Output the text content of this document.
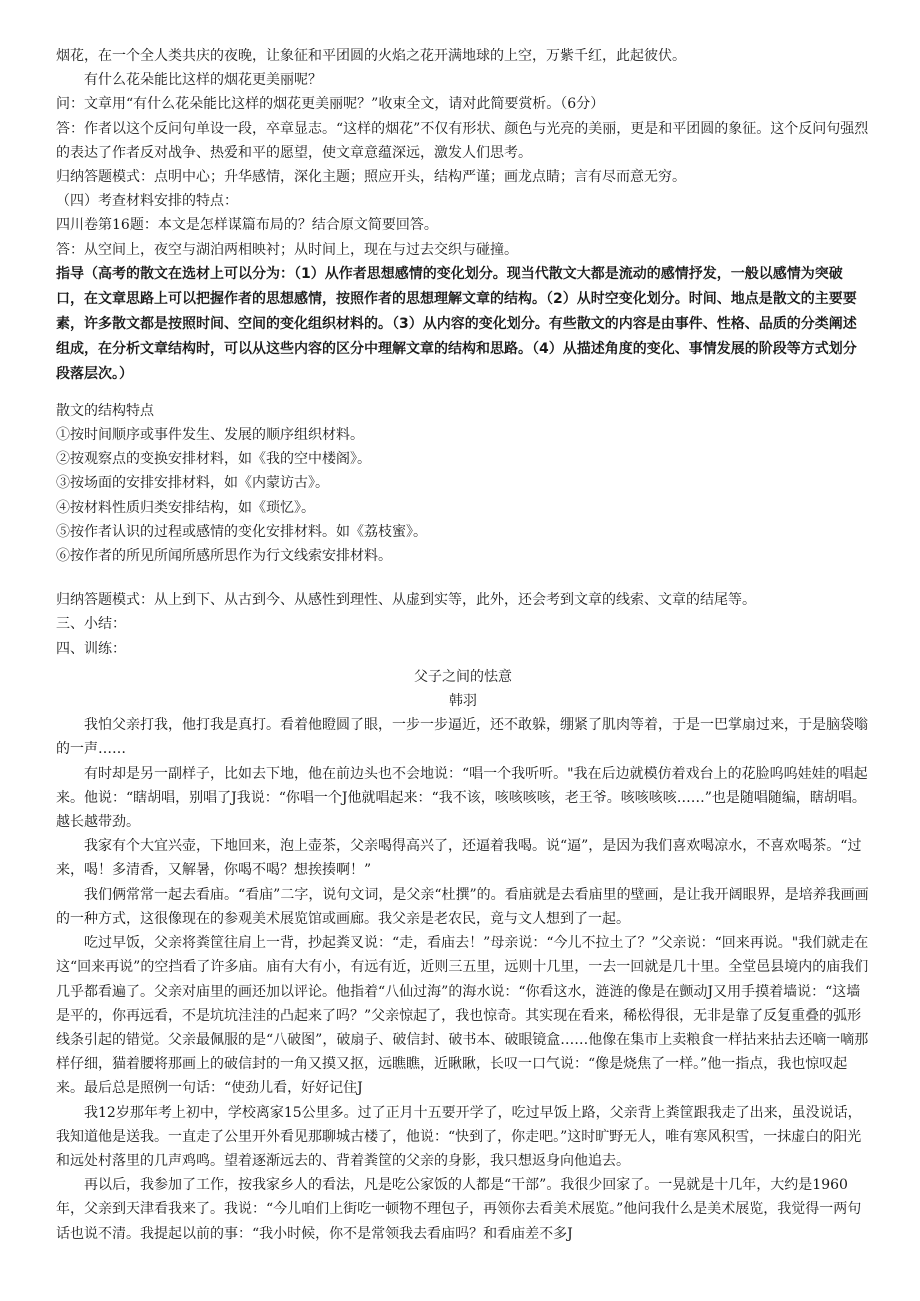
烟花，在一个全人类共庆的夜晚，让象征和平团圆的火焰之花开满地球的上空，万紫千红，此起彼伏。

有什么花朵能比这样的烟花更美丽呢？

问：文章用“有什么花朵能比这样的烟花更美丽呢？”收束全文，请对此简要赏析。（6分）

答：作者以这个反问句单设一段，卒章显志。“这样的烟花”不仅有形状、颜色与光亮的美丽，更是和平团圆的象征。这个反问句强烈的表达了作者反对战争、热爱和平的愿望，使文章意蕴深远，激发人们思考。

归纳答题模式：点明中心；升华感情，深化主题；照应开头，结构严谨；画龙点睛；言有尽而意无穷。

（四）考查材料安排的特点：

四川卷第16题：本文是怎样谋篇布局的？结合原文简要回答。

答：从空间上，夜空与湖泊两相映衬；从时间上，现在与过去交织与碰撞。

指导（高考的散文在选材上可以分为：（1）从作者思想感情的变化划分。现当代散文大都是流动的感情抒发，一般以感情为突破口，在文章思路上可以把握作者的思想感情，按照作者的思想理解文章的结构。（2）从时空变化划分。时间、地点是散文的主要要素，许多散文都是按照时间、空间的变化组织材料的。（3）从内容的变化划分。有些散文的内容是由事件、性格、品质的分类阐述组成，在分析文章结构时，可以从这些内容的区分中理解文章的结构和思路。（4）从描述角度的变化、事情发展的阶段等方式划分段落层次。）

散文的结构特点

①按时间顺序或事件发生、发展的顺序组织材料。

②按观察点的变换安排材料，如《我的空中楼阁》。

③按场面的安排安排材料，如《内蒙访古》。

④按材料性质归类安排结构，如《琐忆》。

⑤按作者认识的过程或感情的变化安排材料。如《荔枝蜜》。

⑥按作者的所见所闻所感所思作为行文线索安排材料。

归纳答题模式：从上到下、从古到今、从感性到理性、从虚到实等，此外，还会考到文章的线索、文章的结尾等。

三、小结：

四、训练：

父子之间的怯意

韩羽

我怕父亲打我，他打我是真打。看着他瞪圆了眼，一步一步逼近，还不敢躲，绷紧了肌肉等着，于是一巴掌扇过来，于是脑袋嗡的一声……

有时却是另一副样子，比如去下地，他在前边头也不会地说：“唱一个我听听。"我在后边就模仿着戏台上的花脸呜呜娃娃的唱起来。他说：“瞎胡唱，别唱了J我说：“你唱一个J他就唱起来：“我不该，咳咳咳咳，老王爷。咳咳咳咳……”也是随唱随编，瞎胡唱。越长越带劲。

我家有个大宜兴壶，下地回来，泡上壶茶，父亲喝得高兴了，还逼着我喝。说“逼”，是因为我们喜欢喝凉水，不喜欢喝茶。“过来，喝！多清香，又解暑，你喝不喝？想挨揍啊！”

我们俩常常一起去看庙。“看庙”二字，说句文词，是父亲“杜撰”的。看庙就是去看庙里的壁画，是让我开阔眼界，是培养我画画的一种方式，这很像现在的参观美术展览馆或画廊。我父亲是老农民，竟与文人想到了一起。

吃过早饭，父亲将粪筐往肩上一背，抄起粪叉说：“走，看庙去！”母亲说：“今儿不拉土了？”父亲说：“回来再说。"我们就走在这“回来再说”的空挡看了许多庙。庙有大有小，有远有近，近则三五里，远则十几里，一去一回就是几十里。全堂邑县境内的庙我们几乎都看遍了。父亲对庙里的画还加以评论。他指着“八仙过海”的海水说：“你看这水，涟涟的像是在颤动J又用手摸着墙说：“这墙是平的，你再远看，不是坑坑洼洼的凸起来了吗？”父亲惊起了，我也惊奇。其实现在看来，稀松得很，无非是靠了反复重叠的弧形线条引起的错觉。父亲最佩服的是“八破图”，破扇子、破信封、破书本、破眼镜盒……他像在集市上卖粮食一样拈来拈去还嘀一嘀那样仔细，猫着腰将那画上的破信封的一角又摸又抠，远瞧瞧，近瞅瞅，长叹一口气说：“像是烧焦了一样。”他一指点，我也惊叹起来。最后总是照例一句话：“使劲儿看，好好记住J

我12岁那年考上初中，学校离家15公里多。过了正月十五要开学了，吃过早饭上路，父亲背上粪筐跟我走了出来，虽没说话，我知道他是送我。一直走了公里开外看见那聊城古楼了，他说：“快到了，你走吧。”这时旷野无人，唯有寒风积雪，一抹虚白的阳光和远处村落里的几声鸡鸣。望着逐渐远去的、背着粪筐的父亲的身影，我只想返身向他追去。

再以后，我参加了工作，按我家乡人的看法，凡是吃公家饭的人都是“干部”。我很少回家了。一晃就是十几年，大约是1960年，父亲到天津看我来了。我说：“今儿咱们上街吃一顿物不理包子，再领你去看美术展览。”他问我什么是美术展览，我觉得一两句话也说不清。我提起以前的事：“我小时候，你不是常领我去看庙吗？和看庙差不多J
